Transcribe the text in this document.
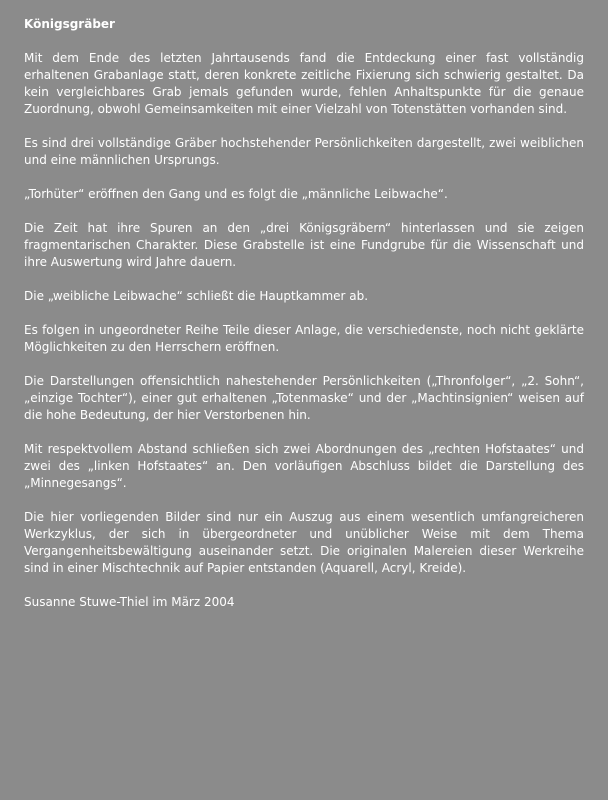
Königsgräber

Mit dem Ende des letzten Jahrtausends fand die Entdeckung einer fast vollständig erhaltenen Grabanlage statt, deren konkrete zeitliche Fixierung sich schwierig gestaltet. Da kein vergleichbares Grab jemals gefunden wurde, fehlen Anhaltspunkte für die genaue Zuordnung, obwohl Gemeinsamkeiten mit einer Vielzahl von Totenstätten vorhanden sind.

Es sind drei vollständige Gräber hochstehender Persönlichkeiten dargestellt, zwei weiblichen und eine männlichen Ursprungs.

„Torhüter“ eröffnen den Gang und es folgt die „männliche Leibwache“.

Die Zeit hat ihre Spuren an den „drei Königsgräbern“ hinterlassen und sie zeigen fragmentarischen Charakter. Diese Grabstelle ist eine Fundgrube für die Wissenschaft und ihre Auswertung wird Jahre dauern.

Die „weibliche Leibwache“ schließt die Hauptkammer ab.

Es folgen in ungeordneter Reihe Teile dieser Anlage, die verschiedenste, noch nicht geklärte Möglichkeiten zu den Herrschern eröffnen.

Die Darstellungen offensichtlich nahestehender Persönlichkeiten („Thronfolger“, „2. Sohn“, „einzige Tochter“), einer gut erhaltenen „Totenmaske“ und der „Machtinsignien“ weisen auf die hohe Bedeutung, der hier Verstorbenen hin.

Mit respektvollem Abstand schließen sich zwei Abordnungen des „rechten Hofstaates“ und zwei des „linken Hofstaates“ an. Den vorläufigen Abschluss bildet die Darstellung des „Minnegesangs“.

Die hier vorliegenden Bilder sind nur ein Auszug aus einem wesentlich umfangreicheren Werkzyklus, der sich in übergeordneter und unüblicher Weise mit dem Thema Vergangenheitsbewältigung auseinander setzt. Die originalen Malereien dieser Werkreihe sind in einer Mischtechnik auf Papier entstanden (Aquarell, Acryl, Kreide).

Susanne Stuwe-Thiel im März 2004
